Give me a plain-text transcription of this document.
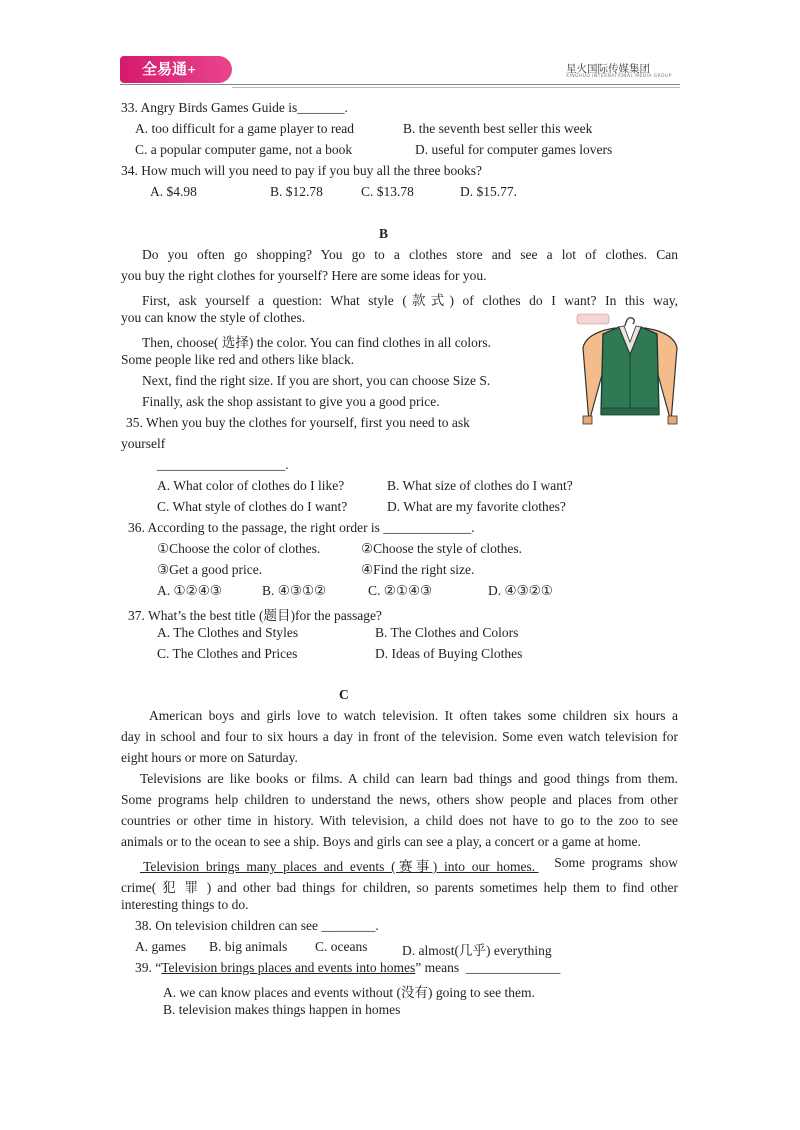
全易通+	星火国际传媒集团
XINGHUO INTERNATIONAL MEDIA GROUP
33. Angry Birds Games Guide is_______.
A. too difficult for a game player to read	B. the seventh best seller this week
C. a popular computer game, not a book	D. useful for computer games lovers
34. How much will you need to pay if you buy all the three books?
A. $4.98	B. $12.78	C. $13.78	D. $15.77.
B
Do you often go shopping? You go to a clothes store and see a lot of clothes. Can
you buy the right clothes for yourself? Here are some ideas for you.
First, ask yourself a question: What style (款式) of clothes do I want? In this way,
you can know the style of clothes.
Then, choose( 选择) the color. You can find clothes in all colors.
Some people like red and others like black.
Next, find the right size. If you are short, you can choose Size S.
Finally, ask the shop assistant to give you a good price.
35. When you buy the clothes for yourself, first you need to ask
yourself
___________________.
A. What color of clothes do I like?	B. What size of clothes do I want?
C. What style of clothes do I want?	D. What are my favorite clothes?
36. According to the passage, the right order is _____________.
①Choose the color of clothes.	②Choose the style of clothes.
③Get a good price.	④Find the right size.
A. ①②④③	B. ④③①②	C. ②①④③	D. ④③②①
37. What’s the best title (题目)for the passage?
A. The Clothes and Styles	B. The Clothes and Colors
C. The Clothes and Prices	D. Ideas of Buying Clothes
C
American boys and girls love to watch television. It often takes some children six hours a
day in school and four to six hours a day in front of the television. Some even watch television for
eight hours or more on Saturday.
Televisions are like books or films. A child can learn bad things and good things from them.
Some programs help children to understand the news, others show people and places from other
countries or other time in history. With television, a child does not have to go to the zoo to see
animals or to the ocean to see a ship. Boys and girls can see a play, a concert or a game at home.
Television  brings  many  places  and  events  ( 赛 事 )  into  our  homes. Some  programs  show
crime( 犯 罪 ) and other bad things for children, so parents sometimes help them to find other
interesting things to do.
38. On television children can see ________.
A. games B. big animals C. oceans	D. almost(几乎) everything
39. “Television brings places and events into homes” means  ______________
A. we can know places and events without (没有) going to see them.
B. television makes things happen in homes
